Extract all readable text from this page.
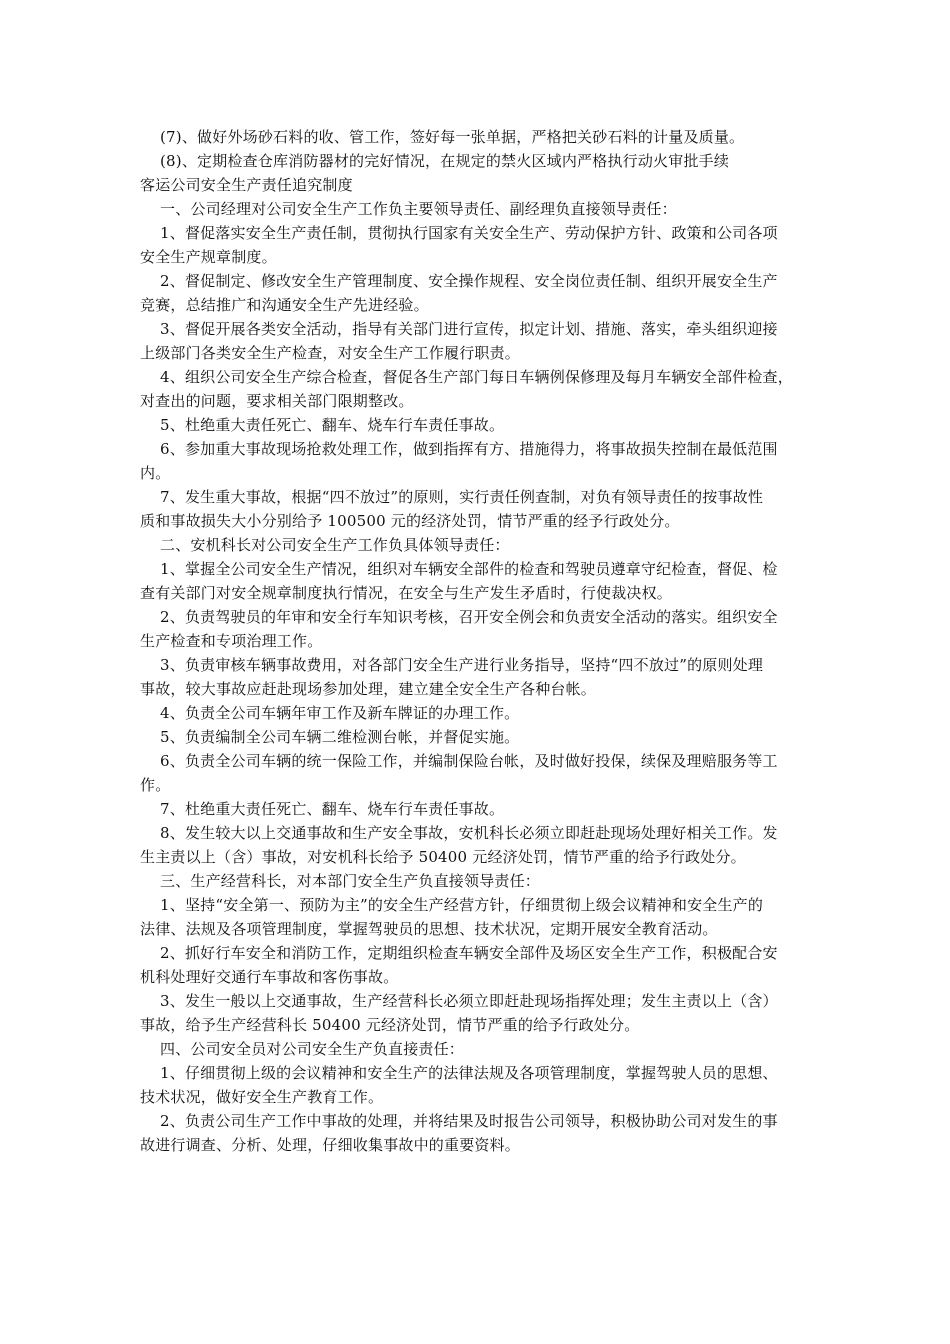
(7)、做好外场砂石料的收、管工作，签好每一张单据，严格把关砂石料的计量及质量。
(8)、定期检查仓库消防器材的完好情况，在规定的禁火区域内严格执行动火审批手续
客运公司安全生产责任追究制度
一、公司经理对公司安全生产工作负主要领导责任、副经理负直接领导责任：
1、督促落实安全生产责任制，贯彻执行国家有关安全生产、劳动保护方针、政策和公司各项
安全生产规章制度。
2、督促制定、修改安全生产管理制度、安全操作规程、安全岗位责任制、组织开展安全生产
竞赛，总结推广和沟通安全生产先进经验。
3、督促开展各类安全活动，指导有关部门进行宣传，拟定计划、措施、落实，牵头组织迎接
上级部门各类安全生产检查，对安全生产工作履行职责。
4、组织公司安全生产综合检查，督促各生产部门每日车辆例保修理及每月车辆安全部件检查，
对查出的问题，要求相关部门限期整改。
5、杜绝重大责任死亡、翻车、烧车行车责任事故。
6、参加重大事故现场抢救处理工作，做到指挥有方、措施得力，将事故损失控制在最低范围
内。
7、发生重大事故，根据“四不放过”的原则，实行责任例查制，对负有领导责任的按事故性
质和事故损失大小分别给予 100500 元的经济处罚，情节严重的经予行政处分。
二、安机科长对公司安全生产工作负具体领导责任：
1、掌握全公司安全生产情况，组织对车辆安全部件的检查和驾驶员遵章守纪检查，督促、检
查有关部门对安全规章制度执行情况，在安全与生产发生矛盾时，行使裁决权。
2、负责驾驶员的年审和安全行车知识考核，召开安全例会和负责安全活动的落实。组织安全
生产检查和专项治理工作。
3、负责审核车辆事故费用，对各部门安全生产进行业务指导，坚持“四不放过”的原则处理
事故，较大事故应赶赴现场参加处理，建立建全安全生产各种台帐。
4、负责全公司车辆年审工作及新车牌证的办理工作。
5、负责编制全公司车辆二维检测台帐，并督促实施。
6、负责全公司车辆的统一保险工作，并编制保险台帐，及时做好投保，续保及理赔服务等工
作。
7、杜绝重大责任死亡、翻车、烧车行车责任事故。
8、发生较大以上交通事故和生产安全事故，安机科长必须立即赶赴现场处理好相关工作。发
生主责以上（含）事故，对安机科长给予 50400 元经济处罚，情节严重的给予行政处分。
三、生产经营科长，对本部门安全生产负直接领导责任：
1、坚持“安全第一、预防为主”的安全生产经营方针，仔细贯彻上级会议精神和安全生产的
法律、法规及各项管理制度，掌握驾驶员的思想、技术状况，定期开展安全教育活动。
2、抓好行车安全和消防工作，定期组织检查车辆安全部件及场区安全生产工作，积极配合安
机科处理好交通行车事故和客伤事故。
3、发生一般以上交通事故，生产经营科长必须立即赶赴现场指挥处理；发生主责以上（含）
事故，给予生产经营科长 50400 元经济处罚，情节严重的给予行政处分。
四、公司安全员对公司安全生产负直接责任：
1、仔细贯彻上级的会议精神和安全生产的法律法规及各项管理制度，掌握驾驶人员的思想、
技术状况，做好安全生产教育工作。
2、负责公司生产工作中事故的处理，并将结果及时报告公司领导，积极协助公司对发生的事
故进行调查、分析、处理，仔细收集事故中的重要资料。
